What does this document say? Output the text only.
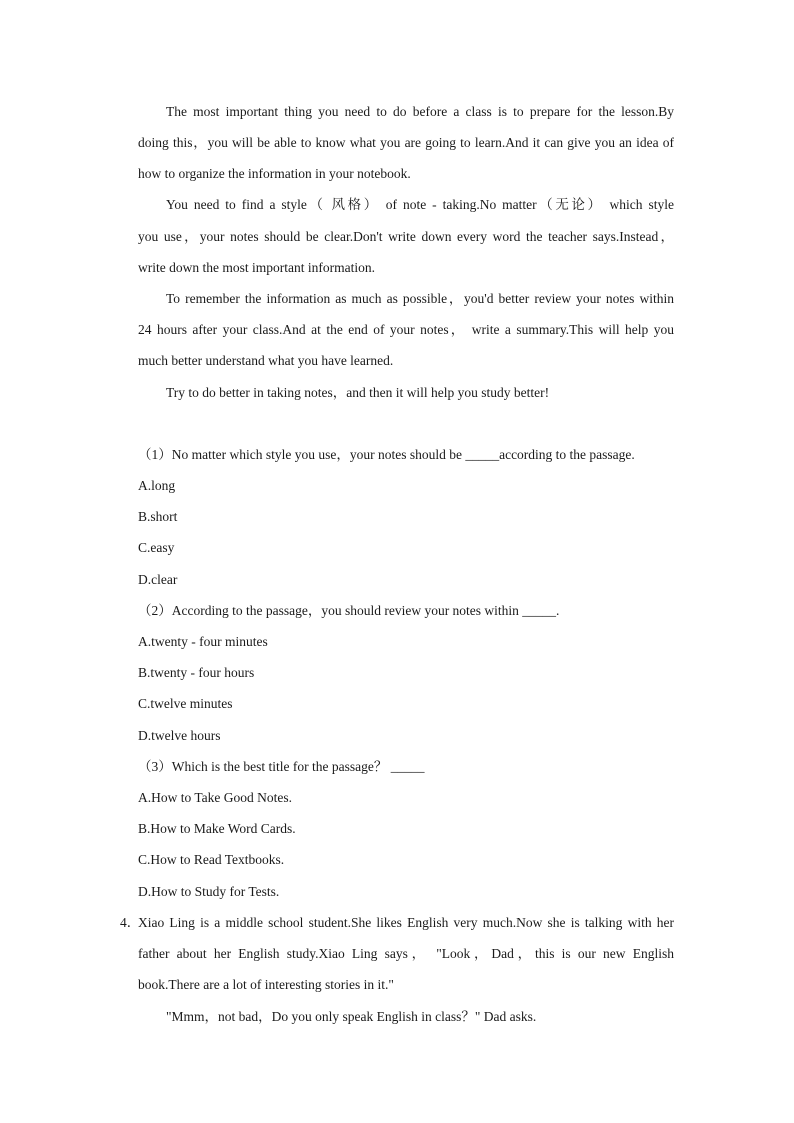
The most important thing you need to do before a class is to prepare for the lesson.By
doing this，you will be able to know what you are going to learn.And it can give you an idea of
how to organize the information in your notebook.
You need to find a style（ 风格） of note - taking.No matter（无论） which style
you use，your notes should be clear.Don't write down every word the teacher says.Instead，
write down the most important information.
To remember the information as much as possible，you'd better review your notes within
24 hours after your class.And at the end of your notes， write a summary.This will help you
much better understand what you have learned.
Try to do better in taking notes，and then it will help you study better!
（1）No matter which style you use，your notes should be _____according to the passage.
A.long
B.short
C.easy
D.clear
（2）According to the passage，you should review your notes within _____.
A.twenty - four minutes
B.twenty - four hours
C.twelve minutes
D.twelve hours
（3）Which is the best title for the passage？ _____
A.How to Take Good Notes.
B.How to Make Word Cards.
C.How to Read Textbooks.
D.How to Study for Tests.
4．
Xiao Ling is a middle school student.She likes English very much.Now she is talking with her
father about her English study.Xiao Ling says， "Look，Dad，this is our new English
book.There are a lot of interesting stories in it."
"Mmm，not bad，Do you only speak English in class？" Dad asks.
